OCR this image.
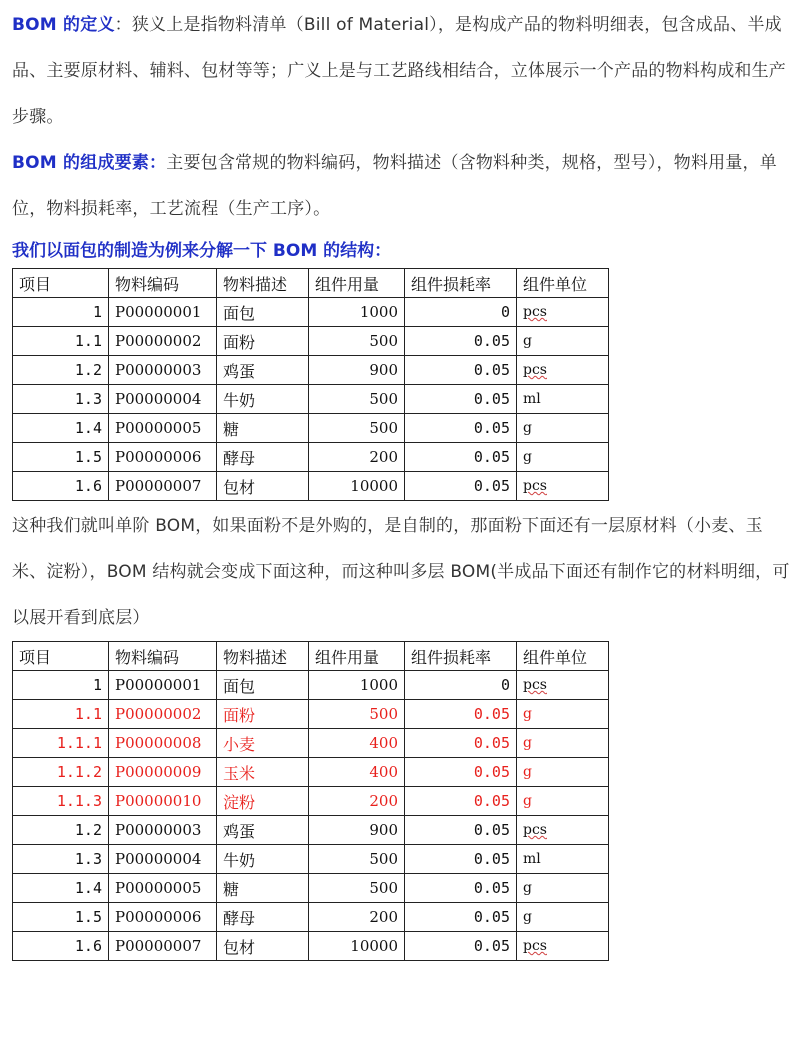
BOM 的定义：狭义上是指物料清单（Bill of Material），是构成产品的物料明细表，包含成品、半成品、主要原材料、辅料、包材等等；广义上是与工艺路线相结合，立体展示一个产品的物料构成和生产步骤。

BOM 的组成要素：主要包含常规的物料编码，物料描述（含物料种类，规格，型号），物料用量，单位，物料损耗率，工艺流程（生产工序）。

我们以面包的制造为例来分解一下 BOM 的结构：
项目	物料编码	物料描述	组件用量	组件损耗率	组件单位
1	P00000001	面包	1000	0	pcs
1.1	P00000002	面粉	500	0.05	g
1.2	P00000003	鸡蛋	900	0.05	pcs
1.3	P00000004	牛奶	500	0.05	ml
1.4	P00000005	糖	500	0.05	g
1.5	P00000006	酵母	200	0.05	g
1.6	P00000007	包材	10000	0.05	pcs

这种我们就叫单阶 BOM，如果面粉不是外购的，是自制的，那面粉下面还有一层原材料（小麦、玉米、淀粉），BOM 结构就会变成下面这种，而这种叫多层 BOM(半成品下面还有制作它的材料明细，可以展开看到底层）

项目	物料编码	物料描述	组件用量	组件损耗率	组件单位
1	P00000001	面包	1000	0	pcs
1.1	P00000002	面粉	500	0.05	g
1.1.1	P00000008	小麦	400	0.05	g
1.1.2	P00000009	玉米	400	0.05	g
1.1.3	P00000010	淀粉	200	0.05	g
1.2	P00000003	鸡蛋	900	0.05	pcs
1.3	P00000004	牛奶	500	0.05	ml
1.4	P00000005	糖	500	0.05	g
1.5	P00000006	酵母	200	0.05	g
1.6	P00000007	包材	10000	0.05	pcs
